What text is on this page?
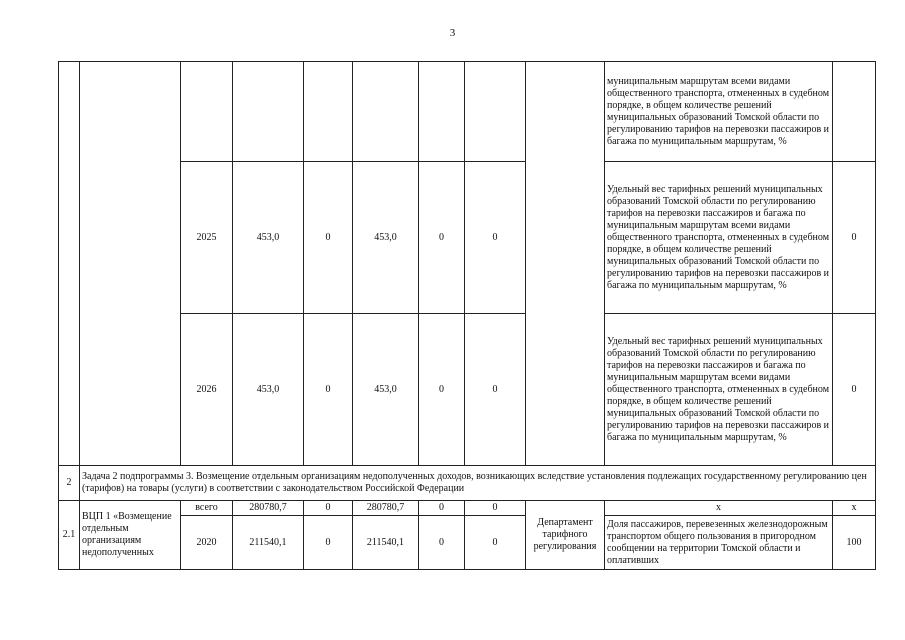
3
									муниципальным маршрутам всеми видами общественного транспорта, отмененных в судебном порядке, в общем количестве решений муниципальных образований Томской области по регулированию тарифов на перевозки пассажиров и багажа по муниципальным маршрутам, %	
		2025	453,0	0	453,0	0	0		Удельный вес тарифных решений муниципальных образований Томской области по регулированию тарифов на перевозки пассажиров и багажа по муниципальным маршрутам всеми видами общественного транспорта, отмененных в судебном порядке, в общем количестве решений муниципальных образований Томской области по регулированию тарифов на перевозки пассажиров и багажа по муниципальным маршрутам, %	0
		2026	453,0	0	453,0	0	0		Удельный вес тарифных решений муниципальных образований Томской области по регулированию тарифов на перевозки пассажиров и багажа по муниципальным маршрутам всеми видами общественного транспорта, отмененных в судебном порядке, в общем количестве решений муниципальных образований Томской области по регулированию тарифов на перевозки пассажиров и багажа по муниципальным маршрутам, %	0
2	Задача 2 подпрограммы 3. Возмещение отдельным организациям недополученных доходов, возникающих вследствие установления подлежащих государственному регулированию цен (тарифов) на товары (услуги) в соответствии с законодательством Российской Федерации									
2.1	ВЦП 1 «Возмещение отдельным организациям недополученных	всего	280780,7	0	280780,7	0	0	Департамент тарифного регулирования	x	x
		2020	211540,1	0	211540,1	0	0		Доля пассажиров, перевезенных железнодорожным транспортом общего пользования в пригородном сообщении на территории Томской области и оплативших	100
